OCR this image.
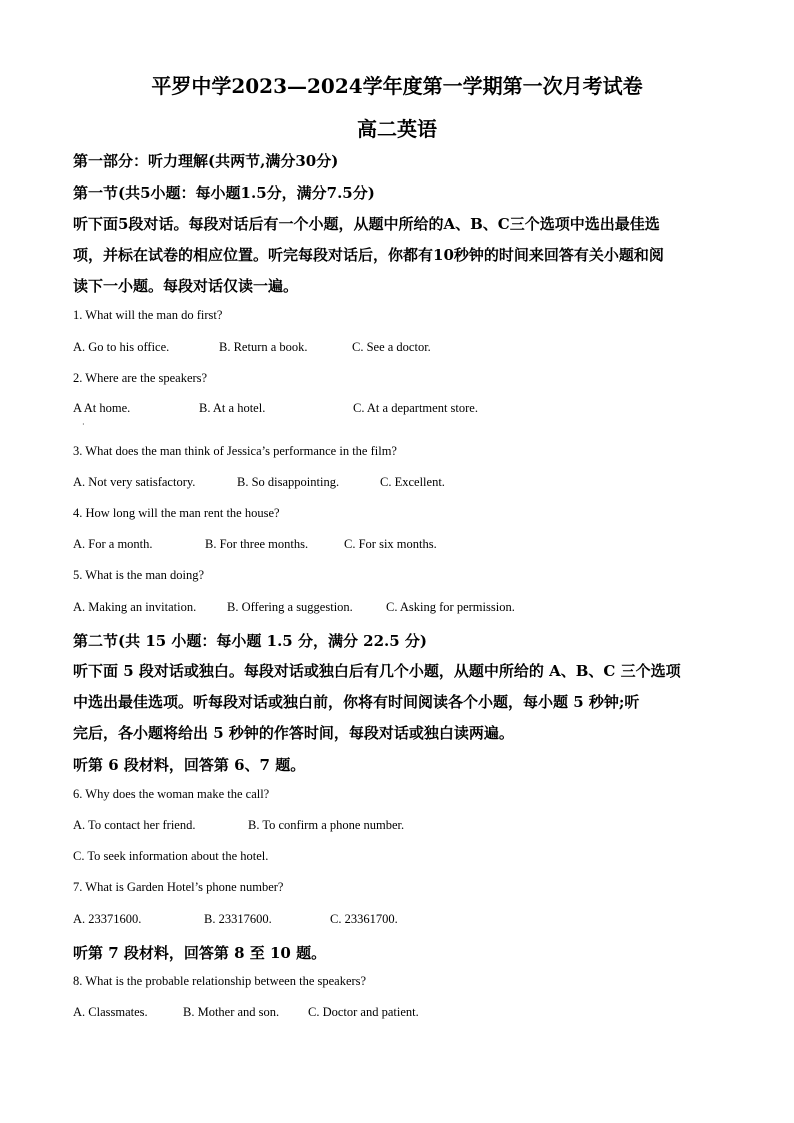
平罗中学2023—2024学年度第一学期第一次月考试卷
高二英语
第一部分：听力理解(共两节,满分30分)
第一节(共5小题：每小题1.5分，满分7.5分)
听下面5段对话。每段对话后有一个小题，从题中所给的A、B、C三个选项中选出最佳选
项，并标在试卷的相应位置。听完每段对话后，你都有10秒钟的时间来回答有关小题和阅
读下一小题。每段对话仅读一遍。
1. What will the man do first?
A. Go to his office.	B. Return a book.	C. See a doctor.
2. Where are the speakers?
A At home.	B. At a hotel.	C. At a department store.
·
3. What does the man think of Jessica’s performance in the film?
A. Not very satisfactory.	B. So disappointing.	C. Excellent.
4. How long will the man rent the house?
A. For a month.	B. For three months.	C. For six months.
5. What is the man doing?
A. Making an invitation. B. Offering a suggestion.	C. Asking for permission.
第二节(共 15 小题：每小题 1.5 分，满分 22.5 分)
听下面 5 段对话或独白。每段对话或独白后有几个小题，从题中所给的 A、B、C 三个选项
中选出最佳选项。听每段对话或独白前，你将有时间阅读各个小题，每小题 5 秒钟;听
完后，各小题将给出 5 秒钟的作答时间，每段对话或独白读两遍。
听第 6 段材料，回答第 6、7 题。
6. Why does the woman make the call?
A. To contact her friend.	B. To confirm a phone number.
C. To seek information about the hotel.
7. What is Garden Hotel’s phone number?
A. 23371600.	B. 23317600.	C. 23361700.
听第 7 段材料，回答第 8 至 10 题。
8. What is the probable relationship between the speakers?
A. Classmates.	B. Mother and son. C. Doctor and patient.
